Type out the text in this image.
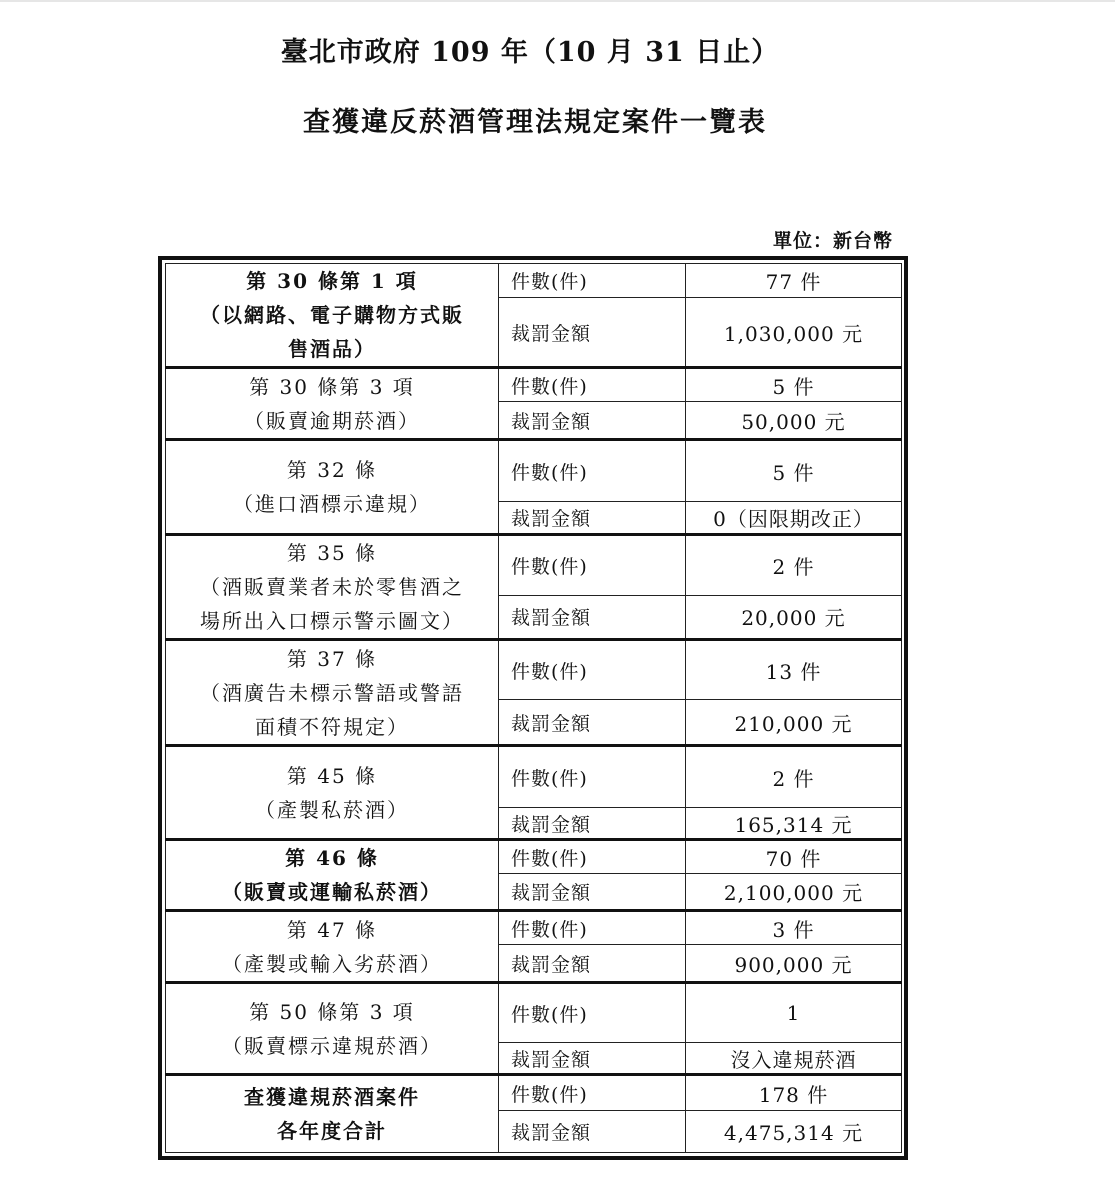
臺北市政府 109 年（10 月 31 日止）
查獲違反菸酒管理法規定案件一覽表
單位：新台幣
第 30 條第 1 項
（以網路、電子購物方式販
售酒品）	件數(件)	77 件
	裁罰金額	1,030,000 元

第 30 條第 3 項
（販賣逾期菸酒）	件數(件)	5 件
	裁罰金額	50,000 元

第 32 條
（進口酒標示違規）	件數(件)	5 件
	裁罰金額	0（因限期改正）

第 35 條
（酒販賣業者未於零售酒之
場所出入口標示警示圖文）	件數(件)	2 件
	裁罰金額	20,000 元

第 37 條
（酒廣告未標示警語或警語
面積不符規定）	件數(件)	13 件
	裁罰金額	210,000 元

第 45 條
（產製私菸酒）	件數(件)	2 件
	裁罰金額	165,314 元

第 46 條
（販賣或運輸私菸酒）	件數(件)	70 件
	裁罰金額	2,100,000 元

第 47 條
（產製或輸入劣菸酒）	件數(件)	3 件
	裁罰金額	900,000 元

第 50 條第 3 項
（販賣標示違規菸酒）	件數(件)	1
	裁罰金額	沒入違規菸酒

查獲違規菸酒案件
各年度合計	件數(件)	178 件
	裁罰金額	4,475,314 元
